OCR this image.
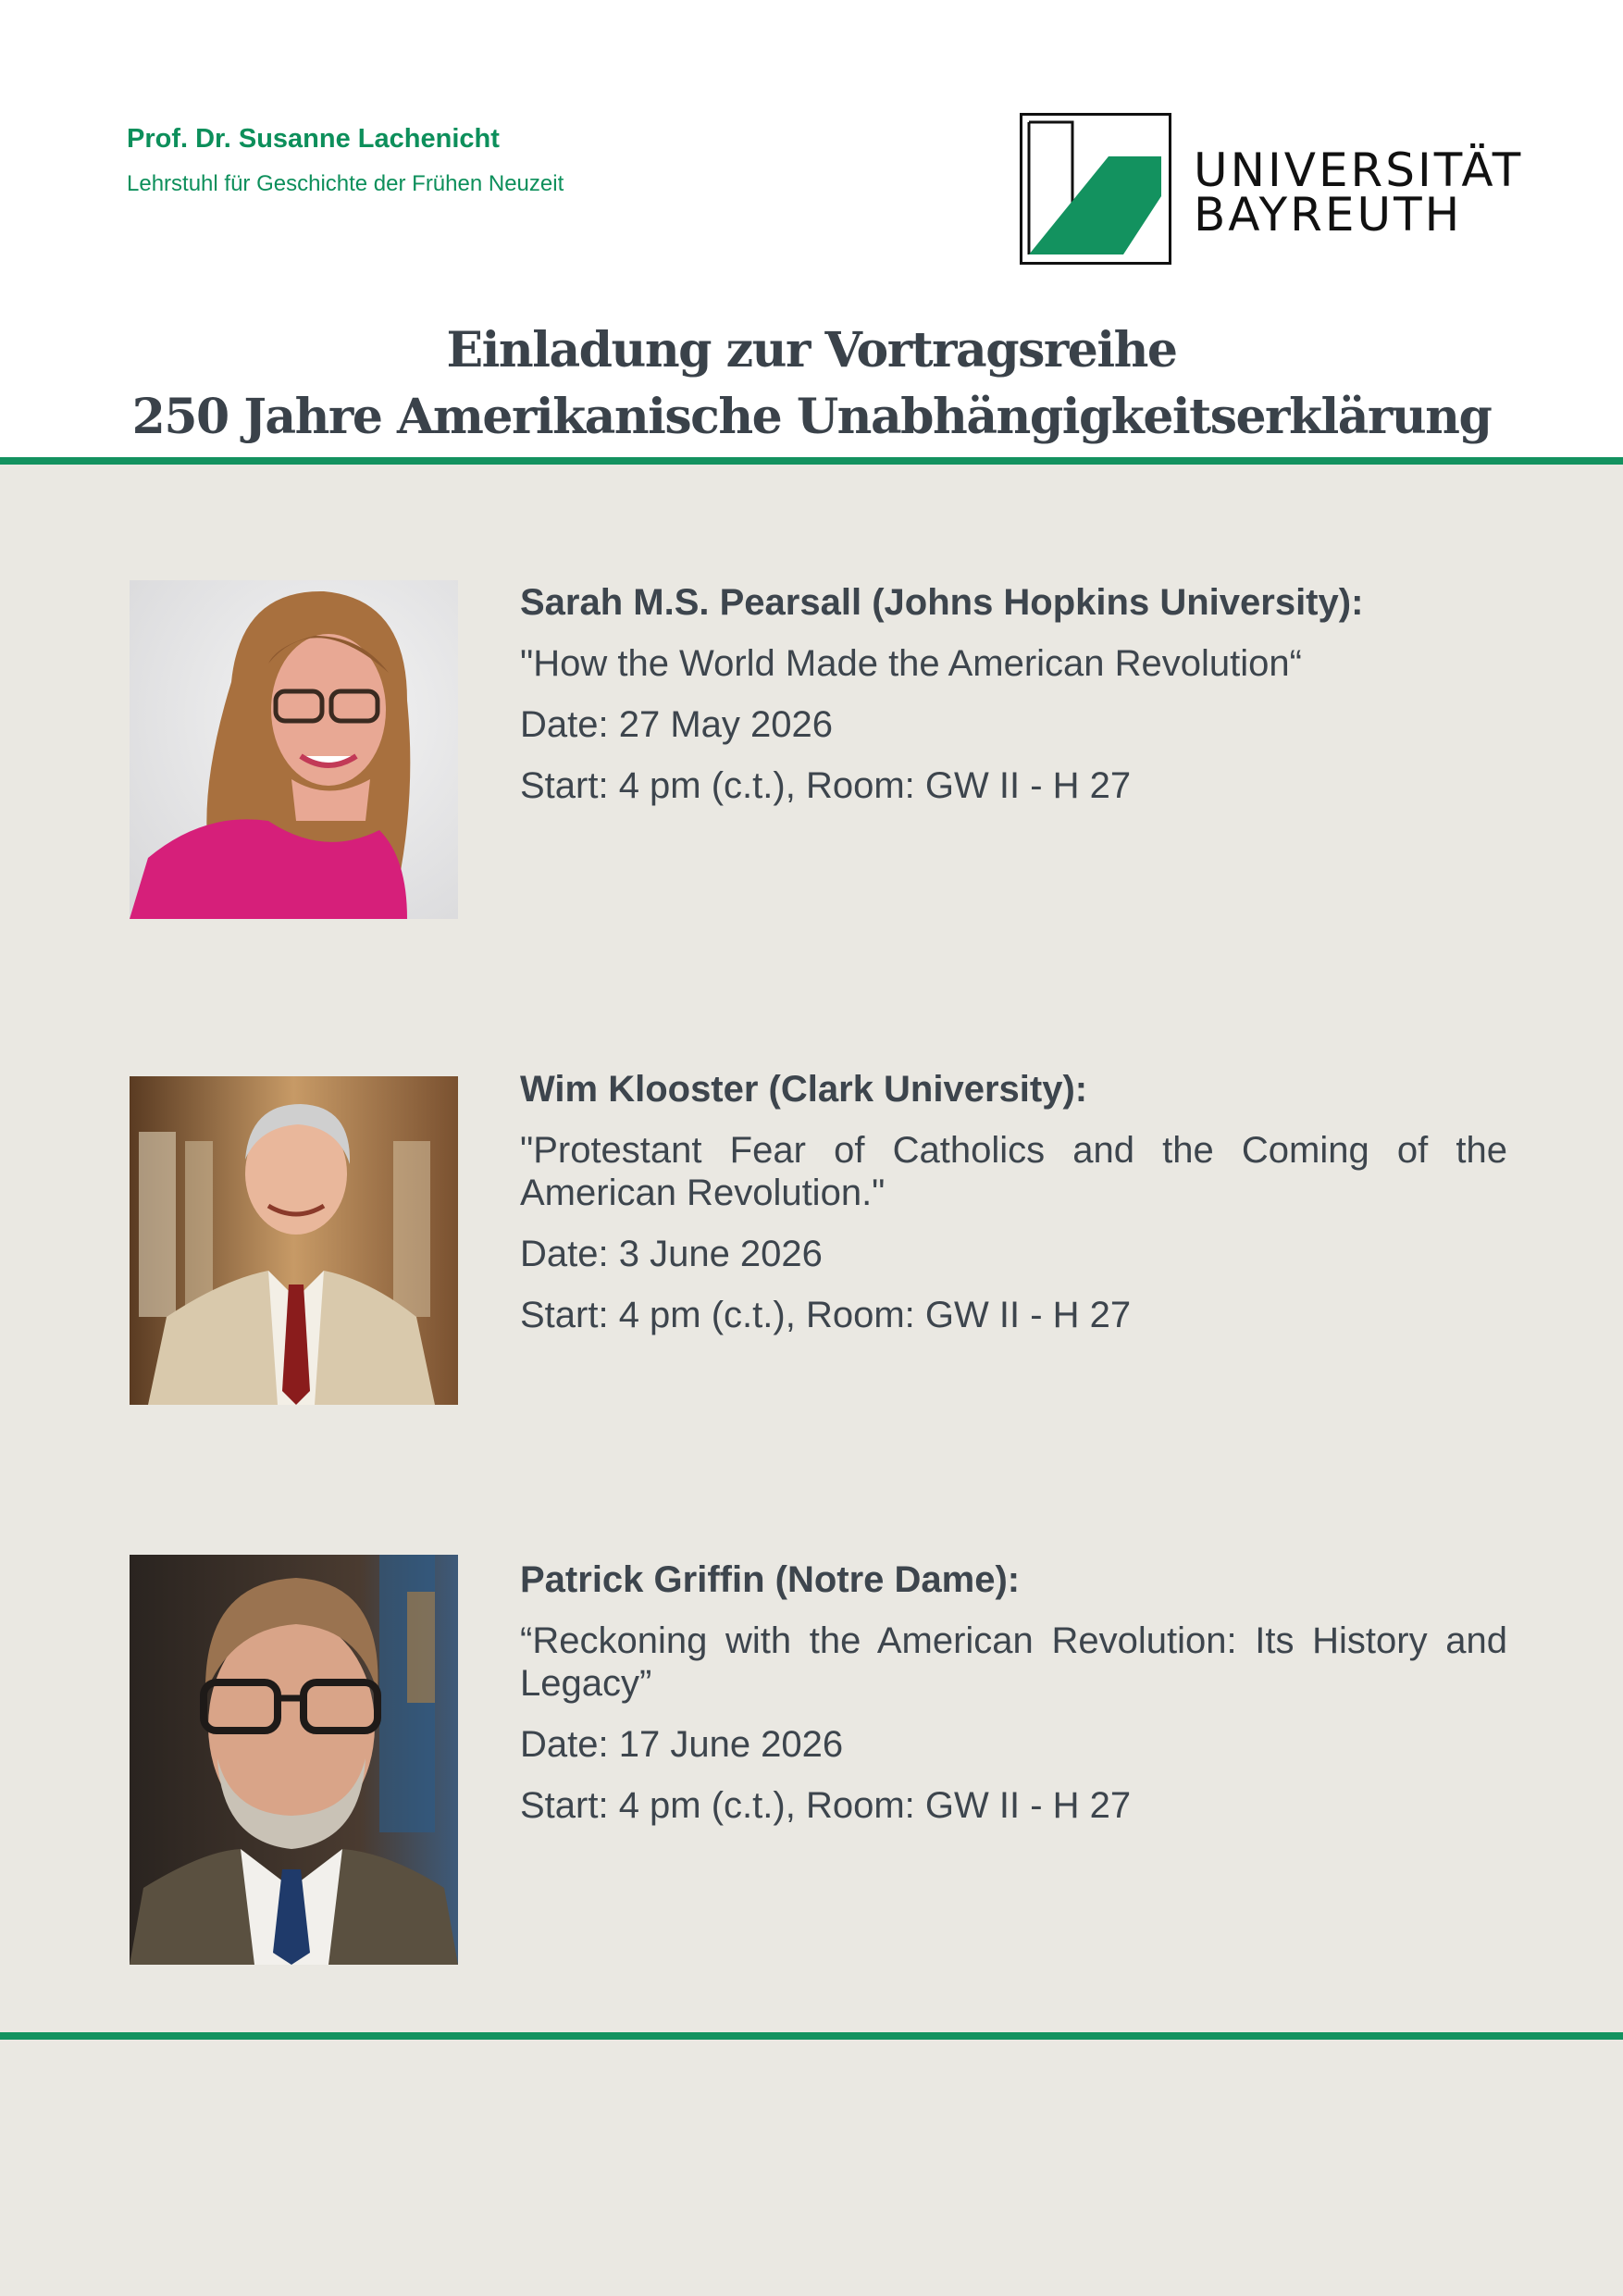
Prof. Dr. Susanne Lachenicht
Lehrstuhl für Geschichte der Frühen Neuzeit	UNIVERSITÄT
BAYREUTH
Einladung zur Vortragsreihe
250 Jahre Amerikanische Unabhängigkeitserklärung
Sarah M.S. Pearsall (Johns Hopkins University):
"How the World Made the American Revolution“
Date: 27 May 2026
Start: 4 pm (c.t.), Room: GW II - H 27
Wim Klooster (Clark University):
"Protestant Fear of Catholics and the Coming of the American Revolution."
Date: 3 June 2026
Start: 4 pm (c.t.), Room: GW II - H 27
Patrick Griffin (Notre Dame):
“Reckoning with the American Revolution: Its History and Legacy”
Date: 17 June 2026
Start: 4 pm (c.t.), Room: GW II - H 27
